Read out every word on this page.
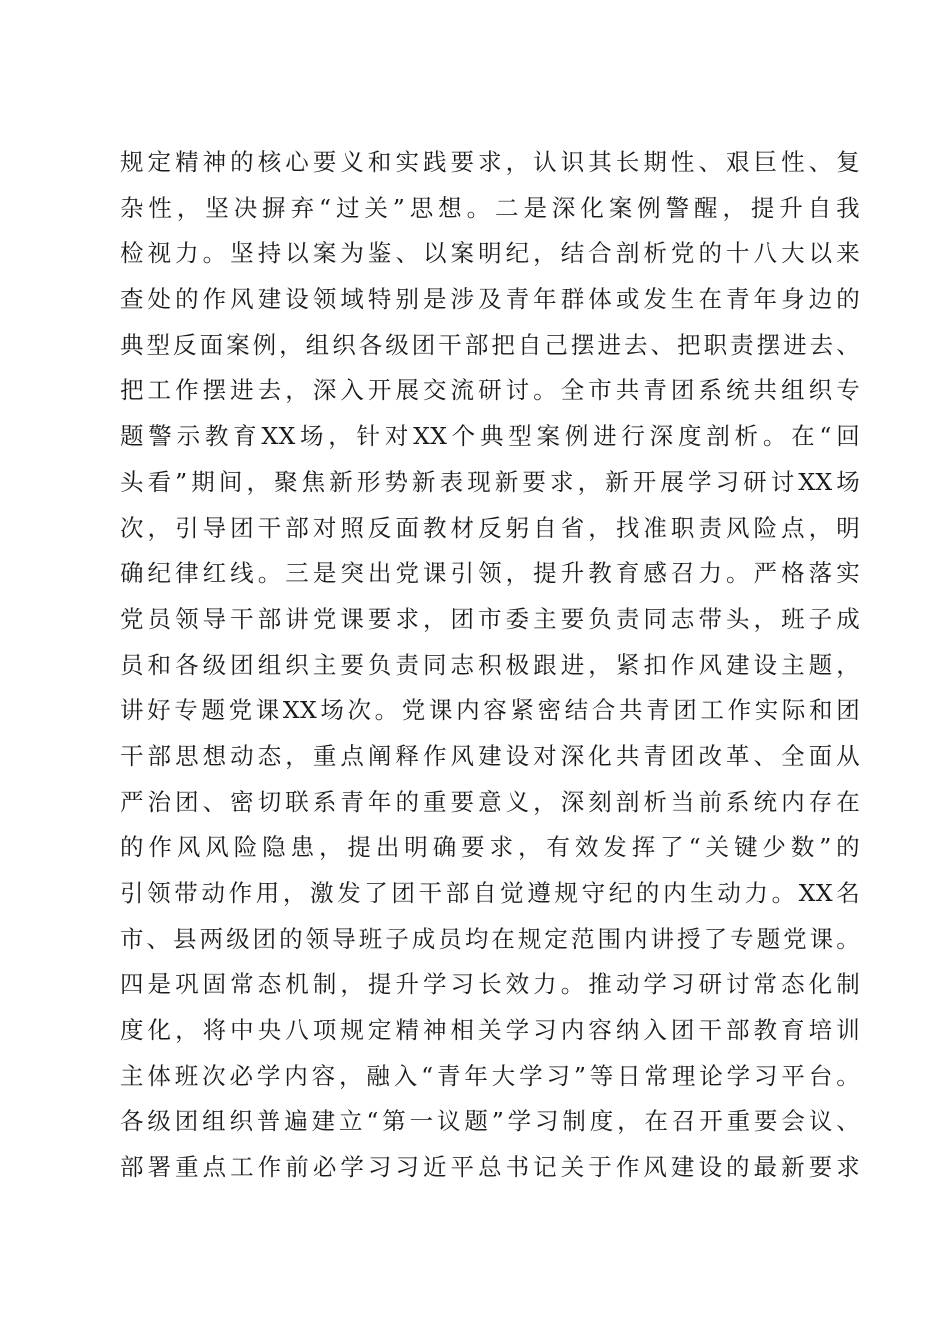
规定精神的核心要义和实践要求，认识其长期性、艰巨性、复
杂性，坚决摒弃“过关”思想。二是深化案例警醒，提升自我
检视力。坚持以案为鉴、以案明纪，结合剖析党的十八大以来
查处的作风建设领域特别是涉及青年群体或发生在青年身边的
典型反面案例，组织各级团干部把自己摆进去、把职责摆进去、
把工作摆进去，深入开展交流研讨。全市共青团系统共组织专
题警示教育XX场，针对XX个典型案例进行深度剖析。在“回
头看”期间，聚焦新形势新表现新要求，新开展学习研讨XX场
次，引导团干部对照反面教材反躬自省，找准职责风险点，明
确纪律红线。三是突出党课引领，提升教育感召力。严格落实
党员领导干部讲党课要求，团市委主要负责同志带头，班子成
员和各级团组织主要负责同志积极跟进，紧扣作风建设主题，
讲好专题党课XX场次。党课内容紧密结合共青团工作实际和团
干部思想动态，重点阐释作风建设对深化共青团改革、全面从
严治团、密切联系青年的重要意义，深刻剖析当前系统内存在
的作风风险隐患，提出明确要求，有效发挥了“关键少数”的
引领带动作用，激发了团干部自觉遵规守纪的内生动力。XX名
市、县两级团的领导班子成员均在规定范围内讲授了专题党课。
四是巩固常态机制，提升学习长效力。推动学习研讨常态化制
度化，将中央八项规定精神相关学习内容纳入团干部教育培训
主体班次必学内容，融入“青年大学习”等日常理论学习平台。
各级团组织普遍建立“第一议题”学习制度，在召开重要会议、
部署重点工作前必学习习近平总书记关于作风建设的最新要求
